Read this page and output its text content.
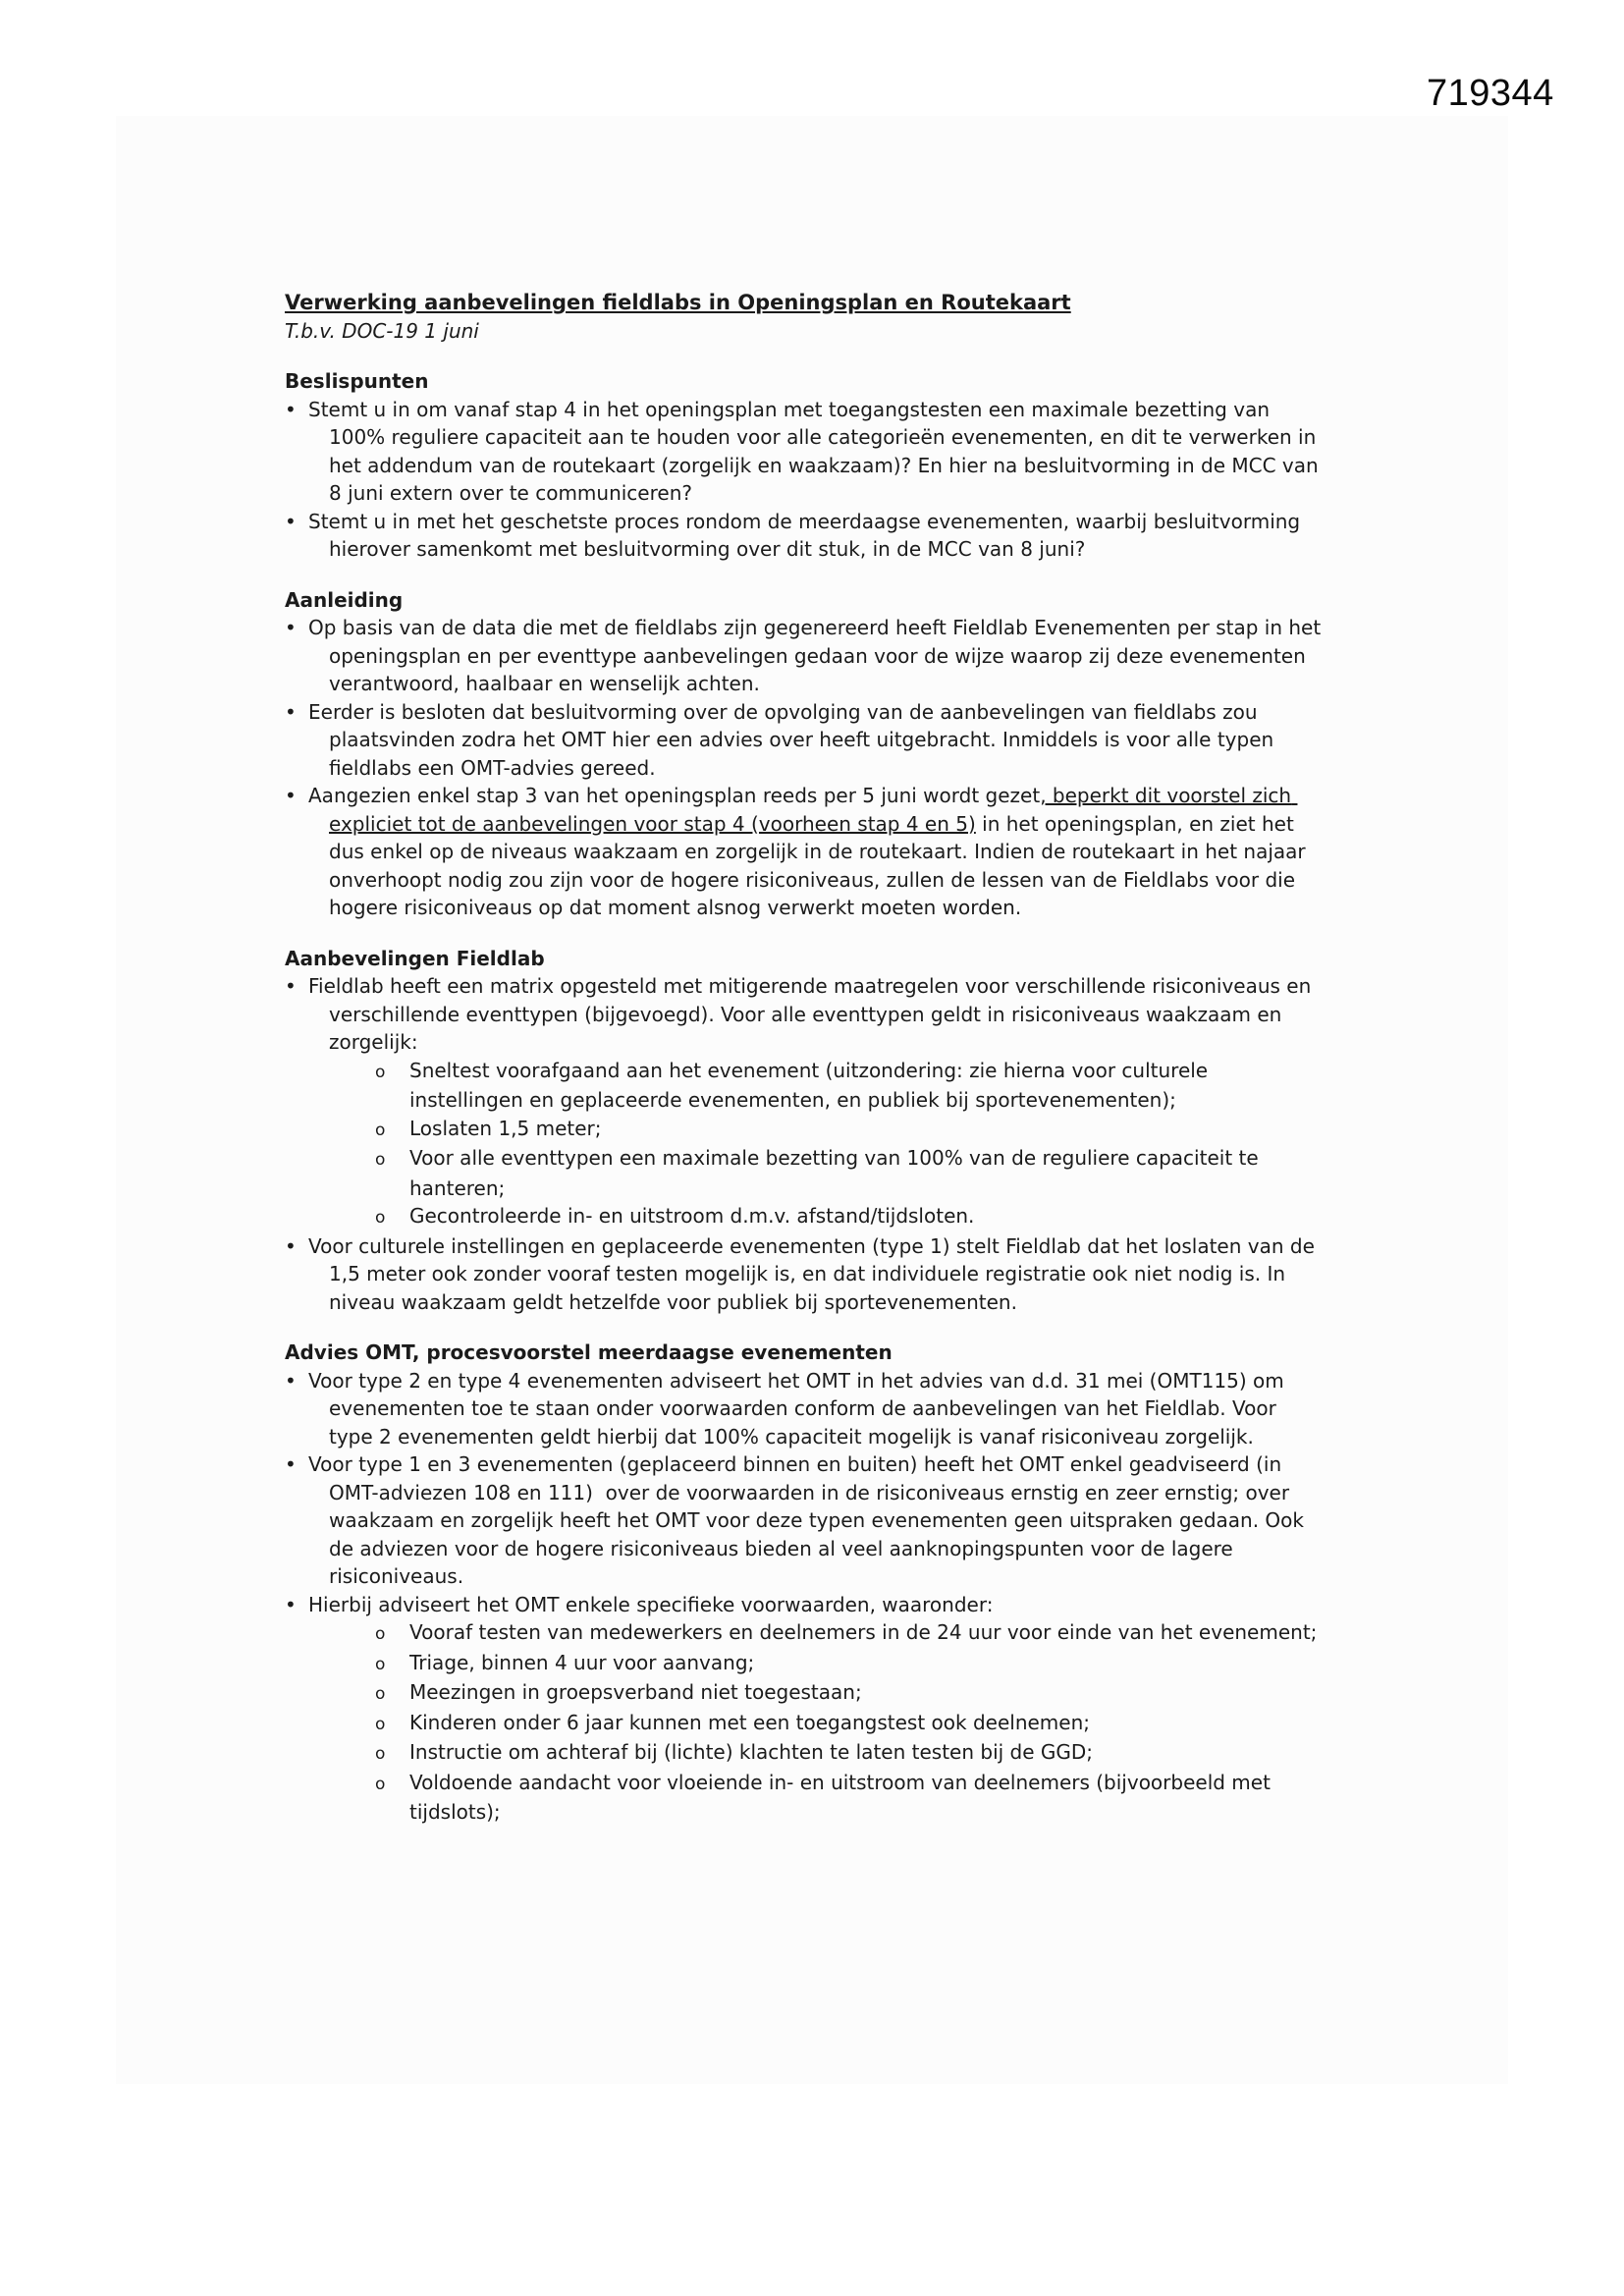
719344
Verwerking aanbevelingen fieldlabs in Openingsplan en Routekaart
T.b.v. DOC-19 1 juni
Beslispunten
•Stemt u in om vanaf stap 4 in het openingsplan met toegangstesten een maximale bezetting van 100% reguliere capaciteit aan te houden voor alle categorieën evenementen, en dit te verwerken in het addendum van de routekaart (zorgelijk en waakzaam)? En hier na besluitvorming in de MCC van 8 juni extern over te communiceren?
•Stemt u in met het geschetste proces rondom de meerdaagse evenementen, waarbij besluitvorming hierover samenkomt met besluitvorming over dit stuk, in de MCC van 8 juni?
Aanleiding
•Op basis van de data die met de fieldlabs zijn gegenereerd heeft Fieldlab Evenementen per stap in het openingsplan en per eventtype aanbevelingen gedaan voor de wijze waarop zij deze evenementen verantwoord, haalbaar en wenselijk achten.
•Eerder is besloten dat besluitvorming over de opvolging van de aanbevelingen van fieldlabs zou plaatsvinden zodra het OMT hier een advies over heeft uitgebracht. Inmiddels is voor alle typen fieldlabs een OMT-advies gereed.
•Aangezien enkel stap 3 van het openingsplan reeds per 5 juni wordt gezet, beperkt dit voorstel zich expliciet tot de aanbevelingen voor stap 4 (voorheen stap 4 en 5) in het openingsplan, en ziet het dus enkel op de niveaus waakzaam en zorgelijk in de routekaart. Indien de routekaart in het najaar onverhoopt nodig zou zijn voor de hogere risiconiveaus, zullen de lessen van de Fieldlabs voor die hogere risiconiveaus op dat moment alsnog verwerkt moeten worden.
Aanbevelingen Fieldlab
•Fieldlab heeft een matrix opgesteld met mitigerende maatregelen voor verschillende risiconiveaus en verschillende eventtypen (bijgevoegd). Voor alle eventtypen geldt in risiconiveaus waakzaam en zorgelijk:
oSneltest voorafgaand aan het evenement (uitzondering: zie hierna voor culturele instellingen en geplaceerde evenementen, en publiek bij sportevenementen);
oLoslaten 1,5 meter;
oVoor alle eventtypen een maximale bezetting van 100% van de reguliere capaciteit te hanteren;
oGecontroleerde in- en uitstroom d.m.v. afstand/tijdsloten.
•Voor culturele instellingen en geplaceerde evenementen (type 1) stelt Fieldlab dat het loslaten van de 1,5 meter ook zonder vooraf testen mogelijk is, en dat individuele registratie ook niet nodig is. In niveau waakzaam geldt hetzelfde voor publiek bij sportevenementen.
Advies OMT, procesvoorstel meerdaagse evenementen
•Voor type 2 en type 4 evenementen adviseert het OMT in het advies van d.d. 31 mei (OMT115) om evenementen toe te staan onder voorwaarden conform de aanbevelingen van het Fieldlab. Voor type 2 evenementen geldt hierbij dat 100% capaciteit mogelijk is vanaf risiconiveau zorgelijk.
•Voor type 1 en 3 evenementen (geplaceerd binnen en buiten) heeft het OMT enkel geadviseerd (in OMT-adviezen 108 en 111)  over de voorwaarden in de risiconiveaus ernstig en zeer ernstig; over waakzaam en zorgelijk heeft het OMT voor deze typen evenementen geen uitspraken gedaan. Ook de adviezen voor de hogere risiconiveaus bieden al veel aanknopingspunten voor de lagere risiconiveaus.
•Hierbij adviseert het OMT enkele specifieke voorwaarden, waaronder:
oVooraf testen van medewerkers en deelnemers in de 24 uur voor einde van het evenement;
oTriage, binnen 4 uur voor aanvang;
oMeezingen in groepsverband niet toegestaan;
oKinderen onder 6 jaar kunnen met een toegangstest ook deelnemen;
oInstructie om achteraf bij (lichte) klachten te laten testen bij de GGD;
oVoldoende aandacht voor vloeiende in- en uitstroom van deelnemers (bijvoorbeeld met tijdslots);
